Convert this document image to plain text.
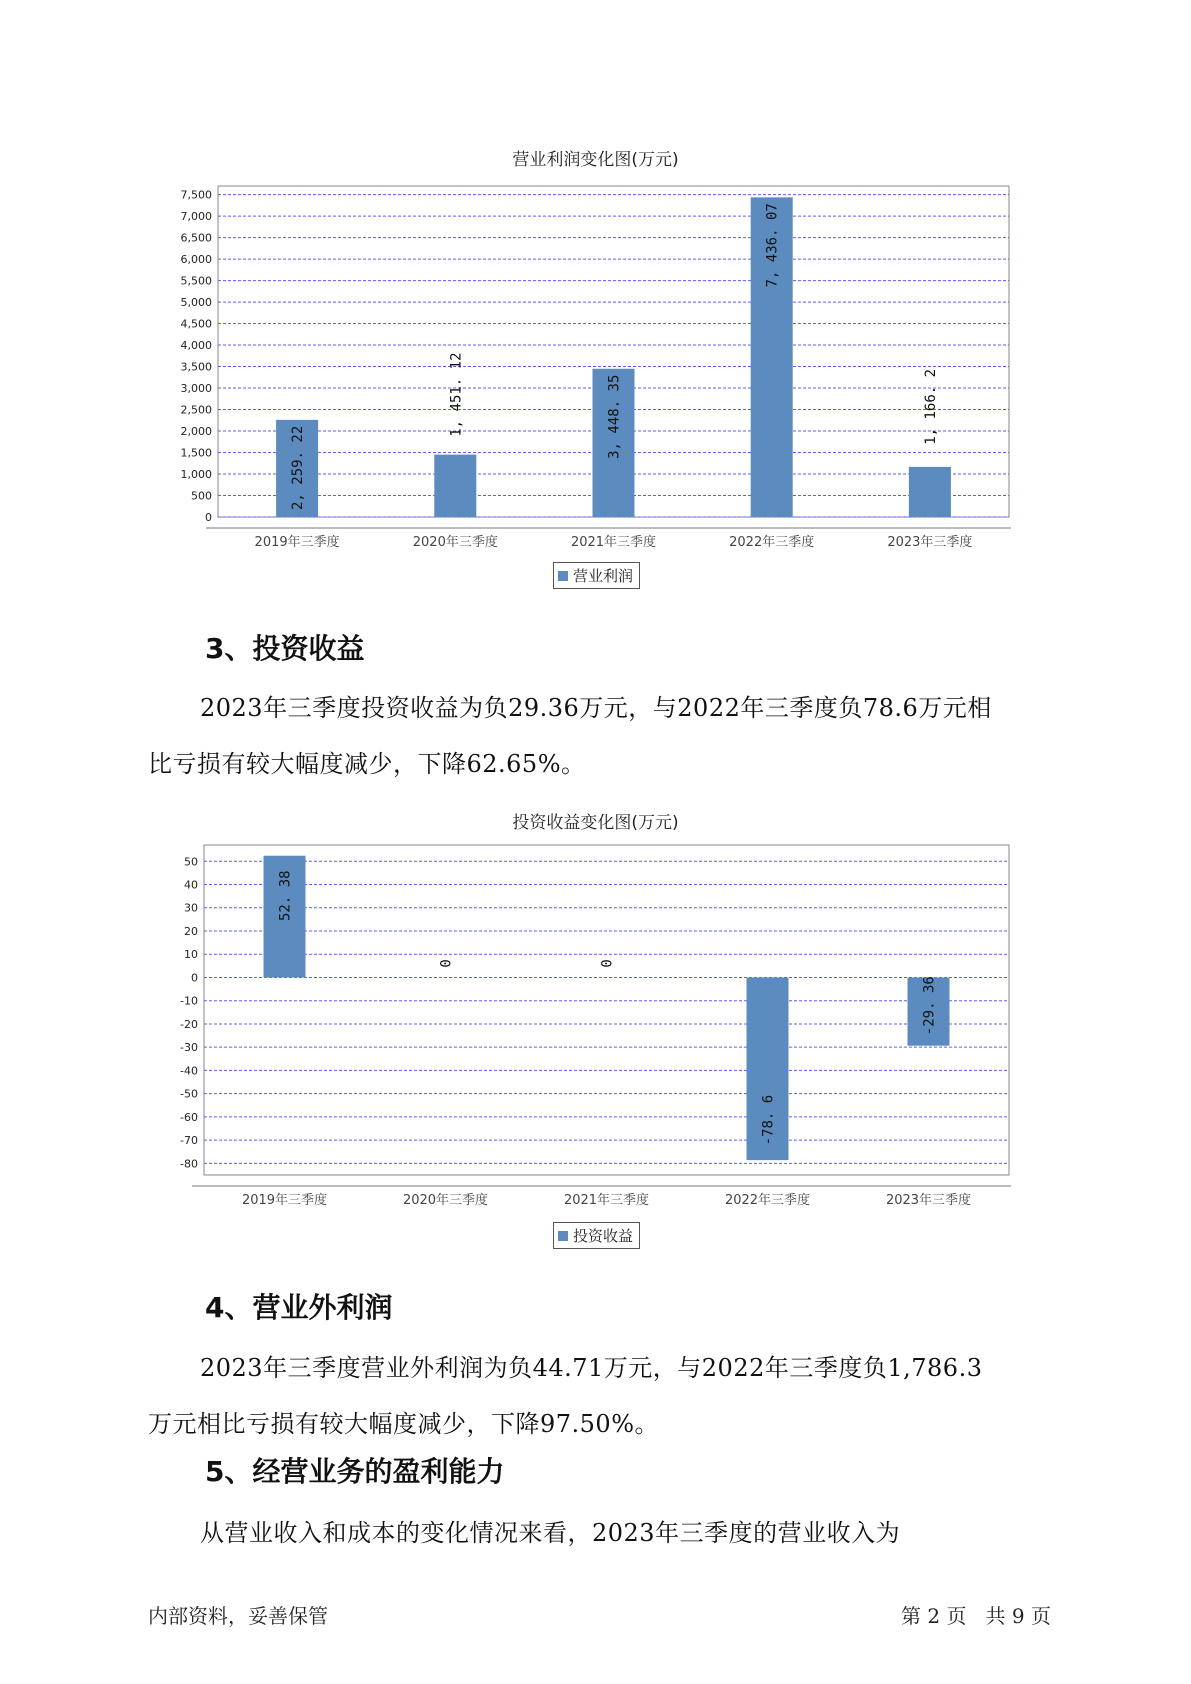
营业利润变化图(万元)
0
500
1,000
1,500
2,000
2,500
3,000
3,500
4,000
4,500
5,000
5,500
6,000
6,500
7,000
7,500
2, 259. 22
2019年三季度
1, 451. 12
2020年三季度
3, 448. 35
2021年三季度
7, 436. 07
2022年三季度
1, 166. 2
2023年三季度
营业利润
3、投资收益
2023年三季度投资收益为负29.36万元，与2022年三季度负78.6万元相
比亏损有较大幅度减少，下降62.65%。
投资收益变化图(万元)
50
40
30
20
10
0
-10
-20
-30
-40
-50
-60
-70
-80
52. 38
2019年三季度
0
2020年三季度
0
2021年三季度
-78. 6
2022年三季度
-29. 36
2023年三季度
投资收益
4、营业外利润
2023年三季度营业外利润为负44.71万元，与2022年三季度负1,786.3
万元相比亏损有较大幅度减少，下降97.50%。
5、经营业务的盈利能力
从营业收入和成本的变化情况来看，2023年三季度的营业收入为
内部资料，妥善保管	第 2 页   共 9 页
